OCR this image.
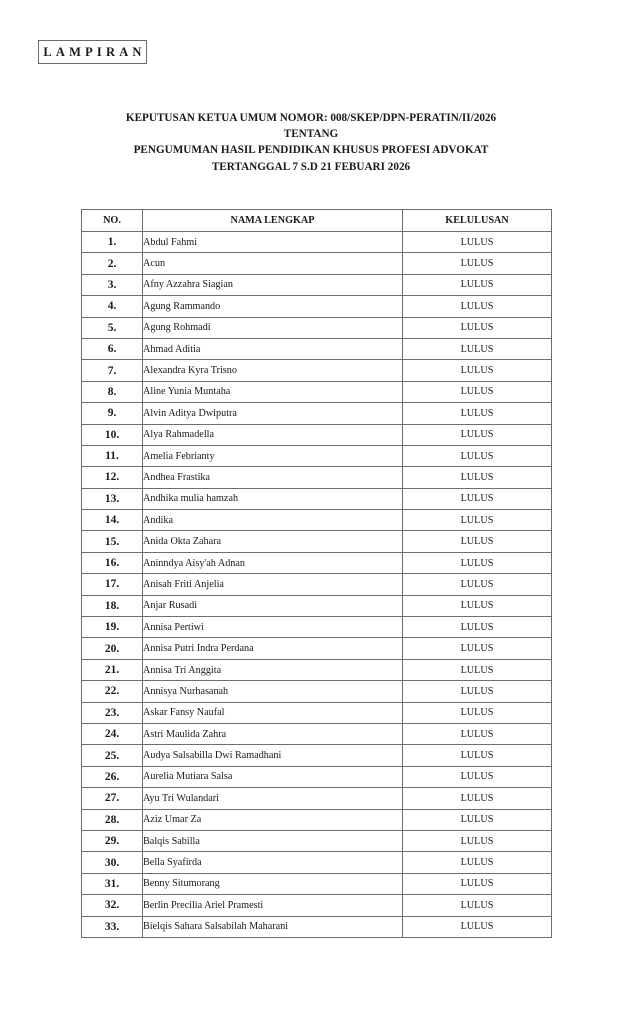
LAMPIRAN
KEPUTUSAN KETUA UMUM NOMOR: 008/SKEP/DPN-PERATIN/II/2026
TENTANG
PENGUMUMAN HASIL PENDIDIKAN KHUSUS PROFESI ADVOKAT
TERTANGGAL 7 S.D 21 FEBUARI 2026
NO.	NAMA LENGKAP	KELULUSAN
1.	Abdul Fahmi	LULUS
2.	Acun	LULUS
3.	Afny Azzahra Siagian	LULUS
4.	Agung Rammando	LULUS
5.	Agung Rohmadi	LULUS
6.	Ahmad Aditia	LULUS
7.	Alexandra Kyra Trisno	LULUS
8.	Aline Yunia Muntaha	LULUS
9.	Alvin Aditya Dwiputra	LULUS
10.	Alya Rahmadella	LULUS
11.	Amelia Febrianty	LULUS
12.	Andhea Frastika	LULUS
13.	Andhika mulia hamzah	LULUS
14.	Andika	LULUS
15.	Anida Okta Zahara	LULUS
16.	Aninndya Aisy'ah Adnan	LULUS
17.	Anisah Friti Anjelia	LULUS
18.	Anjar Rusadi	LULUS
19.	Annisa Pertiwi	LULUS
20.	Annisa Putri Indra Perdana	LULUS
21.	Annisa Tri Anggita	LULUS
22.	Annisya Nurhasanah	LULUS
23.	Askar Fansy Naufal	LULUS
24.	Astri Maulida Zahra	LULUS
25.	Audya Salsabilla Dwi Ramadhani	LULUS
26.	Aurelia Mutiara Salsa	LULUS
27.	Ayu Tri Wulandari	LULUS
28.	Aziz Umar Za	LULUS
29.	Balqis Sabilla	LULUS
30.	Bella Syafirda	LULUS
31.	Benny Situmorang	LULUS
32.	Berlin Precilia Ariel Pramesti	LULUS
33.	Bielqis Sahara Salsabilah Maharani	LULUS
